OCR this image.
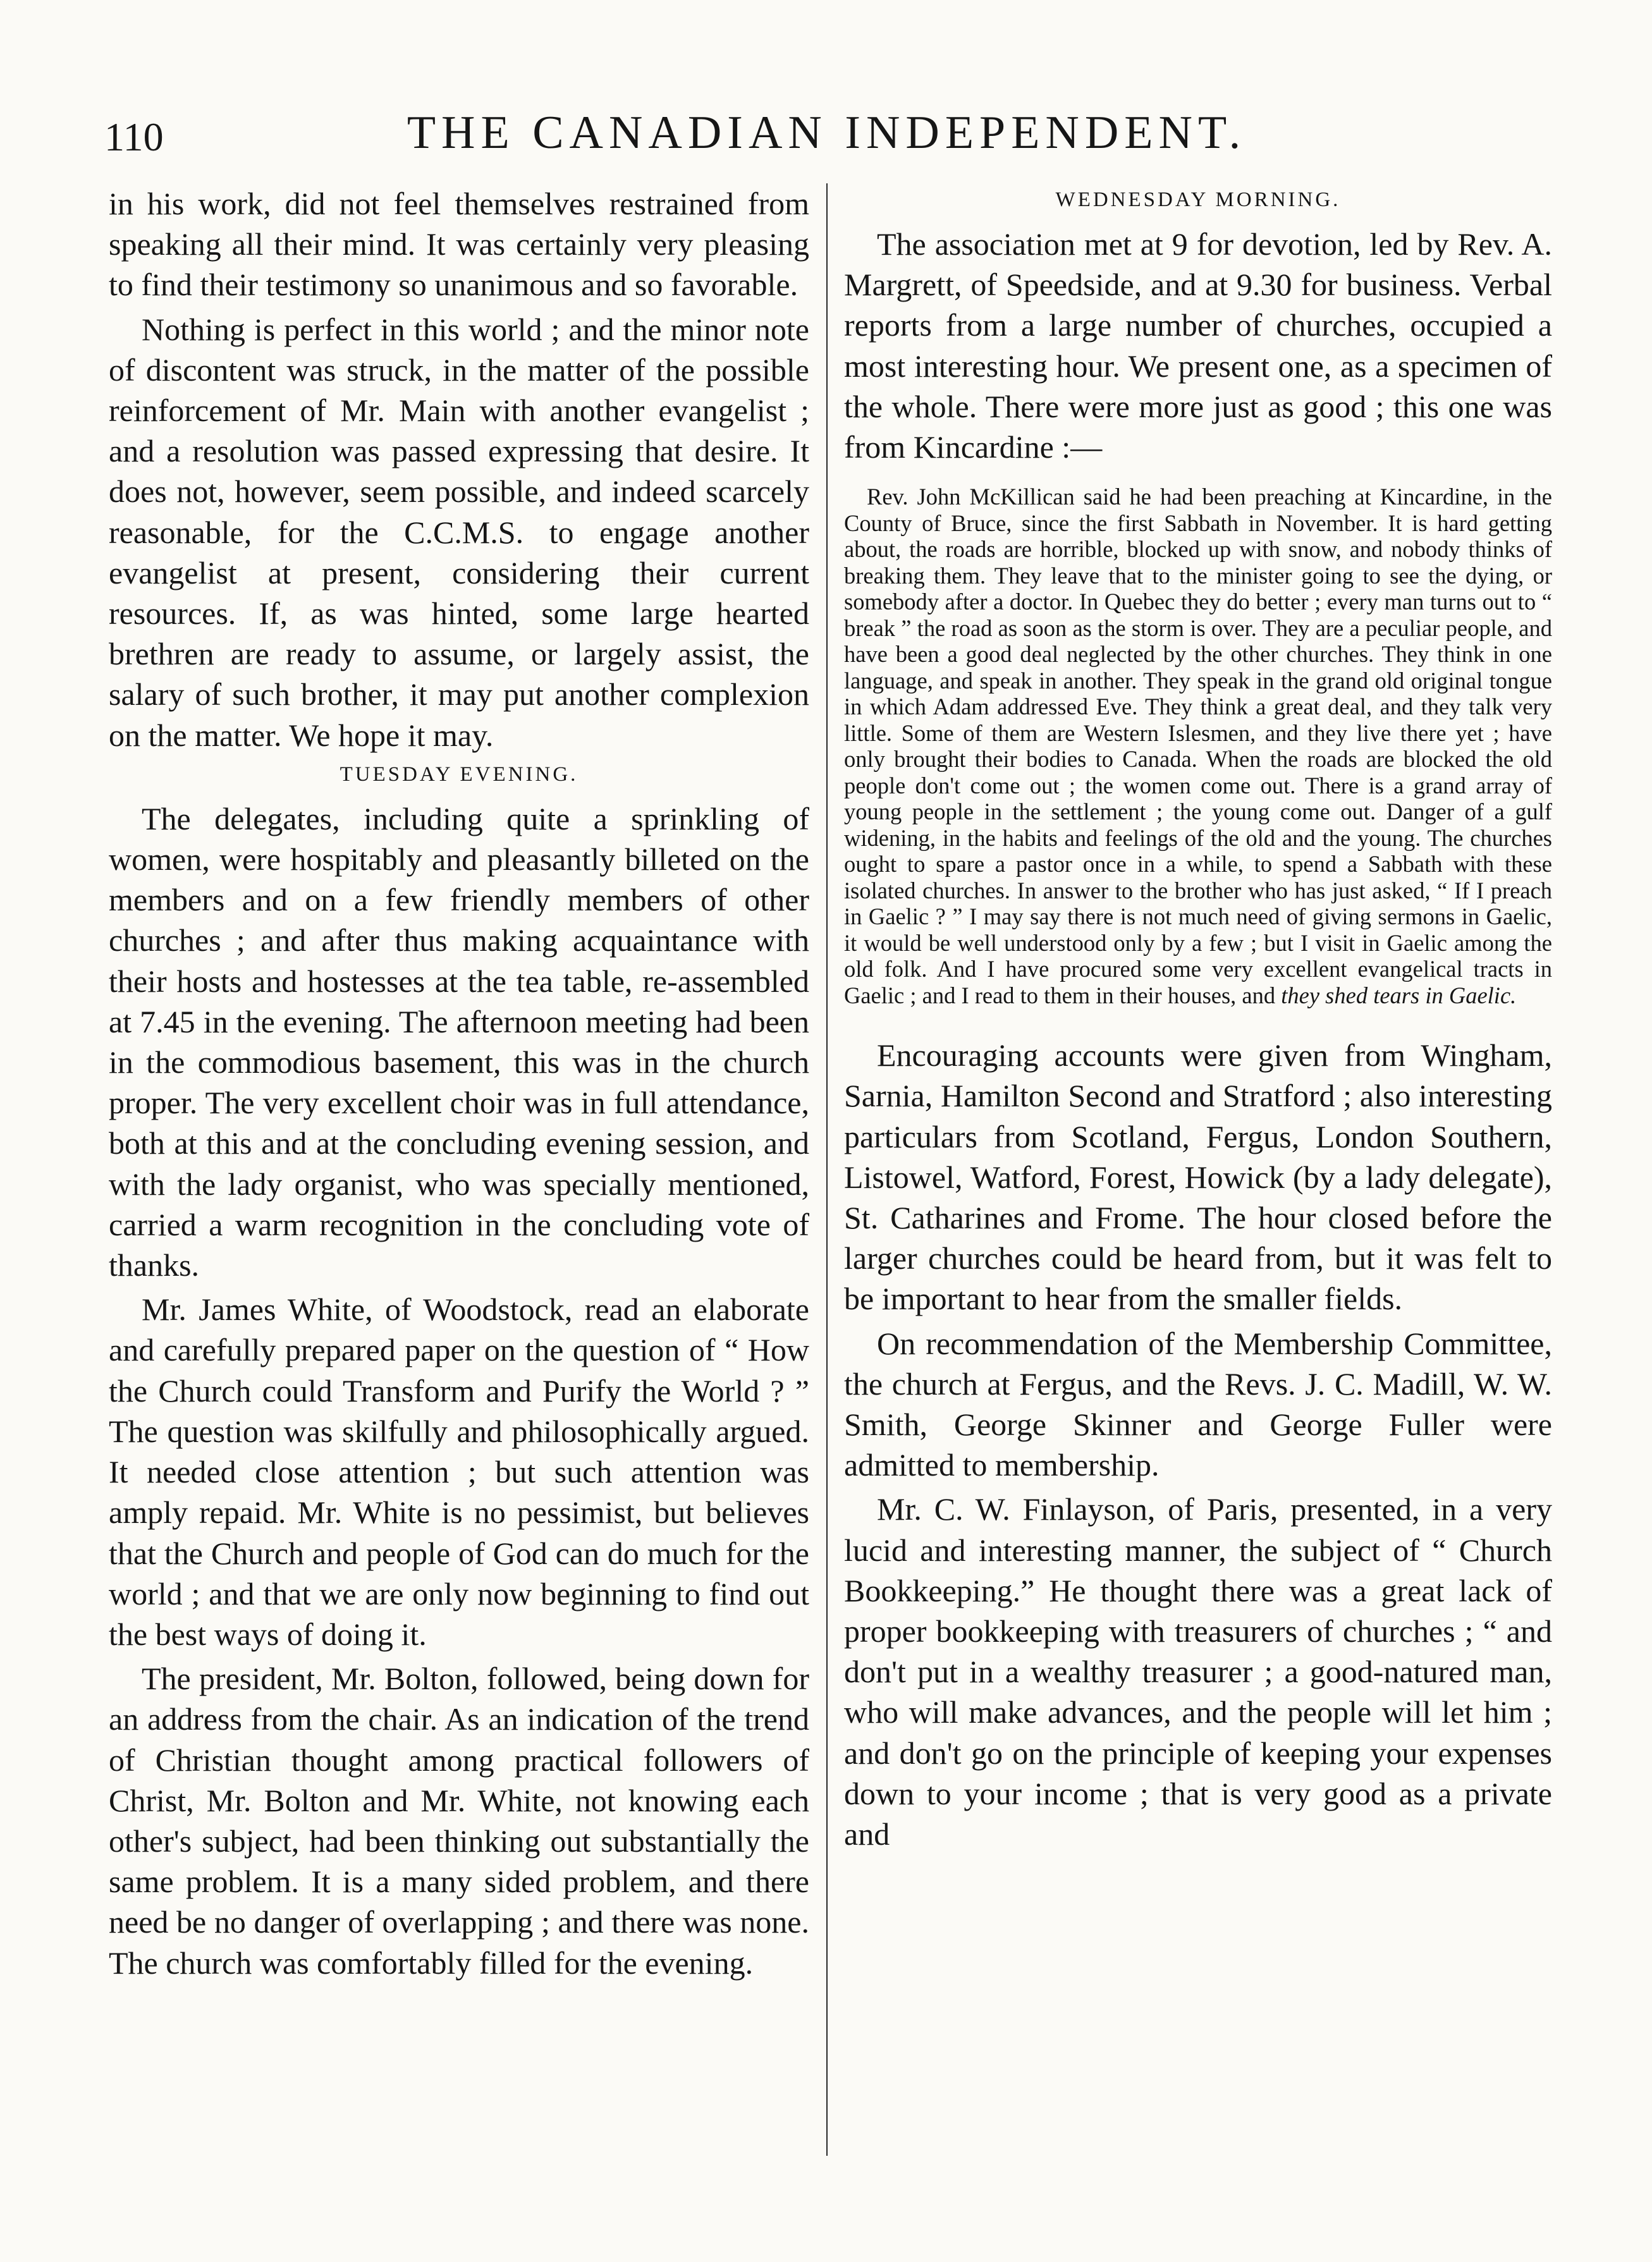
110	THE CANADIAN INDEPENDENT.

in his work, did not feel themselves restrained from speaking all their mind. It was certainly very pleasing to find their testimony so unanimous and so favorable.

Nothing is perfect in this world ; and the minor note of discontent was struck, in the matter of the possible reinforcement of Mr. Main with another evangelist ; and a resolution was passed expressing that desire. It does not, however, seem possible, and indeed scarcely reasonable, for the C.C.M.S. to engage another evangelist at present, considering their current resources. If, as was hinted, some large hearted brethren are ready to assume, or largely assist, the salary of such brother, it may put another complexion on the matter. We hope it may.

TUESDAY EVENING.

The delegates, including quite a sprinkling of women, were hospitably and pleasantly billeted on the members and on a few friendly members of other churches ; and after thus making acquaintance with their hosts and hostesses at the tea table, re-assembled at 7.45 in the evening. The afternoon meeting had been in the commodious basement, this was in the church proper. The very excellent choir was in full attendance, both at this and at the concluding evening session, and with the lady organist, who was specially mentioned, carried a warm recognition in the concluding vote of thanks.

Mr. James White, of Woodstock, read an elaborate and carefully prepared paper on the question of “ How the Church could Transform and Purify the World ? ” The question was skilfully and philosophically argued. It needed close attention ; but such attention was amply repaid. Mr. White is no pessimist, but believes that the Church and people of God can do much for the world ; and that we are only now beginning to find out the best ways of doing it.

The president, Mr. Bolton, followed, being down for an address from the chair. As an indication of the trend of Christian thought among practical followers of Christ, Mr. Bolton and Mr. White, not knowing each other's subject, had been thinking out substantially the same problem. It is a many sided problem, and there need be no danger of overlapping ; and there was none. The church was comfortably filled for the evening.

WEDNESDAY MORNING.

The association met at 9 for devotion, led by Rev. A. Margrett, of Speedside, and at 9.30 for business. Verbal reports from a large number of churches, occupied a most interesting hour. We present one, as a specimen of the whole. There were more just as good ; this one was from Kincardine :—

Rev. John McKillican said he had been preaching at Kincardine, in the County of Bruce, since the first Sabbath in November. It is hard getting about, the roads are horrible, blocked up with snow, and nobody thinks of breaking them. They leave that to the minister going to see the dying, or somebody after a doctor. In Quebec they do better ; every man turns out to “ break ” the road as soon as the storm is over. They are a peculiar people, and have been a good deal neglected by the other churches. They think in one language, and speak in another. They speak in the grand old original tongue in which Adam addressed Eve. They think a great deal, and they talk very little. Some of them are Western Islesmen, and they live there yet ; have only brought their bodies to Canada. When the roads are blocked the old people don't come out ; the women come out. There is a grand array of young people in the settlement ; the young come out. Danger of a gulf widening, in the habits and feelings of the old and the young. The churches ought to spare a pastor once in a while, to spend a Sabbath with these isolated churches. In answer to the brother who has just asked, “ If I preach in Gaelic ? ” I may say there is not much need of giving sermons in Gaelic, it would be well understood only by a few ; but I visit in Gaelic among the old folk. And I have procured some very excellent evangelical tracts in Gaelic ; and I read to them in their houses, and they shed tears in Gaelic.

Encouraging accounts were given from Wingham, Sarnia, Hamilton Second and Stratford ; also interesting particulars from Scotland, Fergus, London Southern, Listowel, Watford, Forest, Howick (by a lady delegate), St. Catharines and Frome. The hour closed before the larger churches could be heard from, but it was felt to be important to hear from the smaller fields.

On recommendation of the Membership Committee, the church at Fergus, and the Revs. J. C. Madill, W. W. Smith, George Skinner and George Fuller were admitted to membership.

Mr. C. W. Finlayson, of Paris, presented, in a very lucid and interesting manner, the subject of “ Church Bookkeeping.” He thought there was a great lack of proper bookkeeping with treasurers of churches ; “ and don't put in a wealthy treasurer ; a good-natured man, who will make advances, and the people will let him ; and don't go on the principle of keeping your expenses down to your income ; that is very good as a private and
